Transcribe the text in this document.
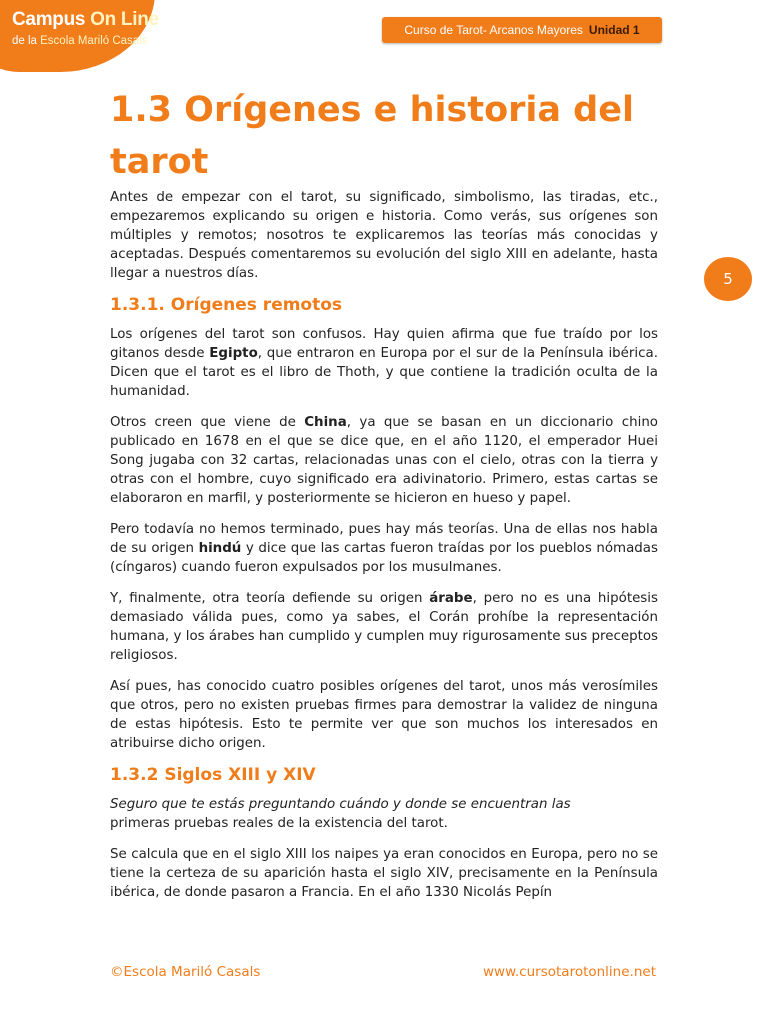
Campus On Line
de la Escola Mariló Casals
Curso de Tarot- Arcanos Mayores Unidad 1
5
1.3 Orígenes e historia del tarot

Antes de empezar con el tarot, su significado, simbolismo, las tiradas, etc., empezaremos explicando su origen e historia. Como verás, sus orígenes son múltiples y remotos; nosotros te explicaremos las teorías más conocidas y aceptadas. Después comentaremos su evolución del siglo XIII en adelante, hasta llegar a nuestros días.

1.3.1. Orígenes remotos

Los orígenes del tarot son confusos. Hay quien afirma que fue traído por los gitanos desde Egipto, que entraron en Europa por el sur de la Península ibérica. Dicen que el tarot es el libro de Thoth, y que contiene la tradición oculta de la humanidad.

Otros creen que viene de China, ya que se basan en un diccionario chino publicado en 1678 en el que se dice que, en el año 1120, el emperador Huei Song jugaba con 32 cartas, relacionadas unas con el cielo, otras con la tierra y otras con el hombre, cuyo significado era adivinatorio. Primero, estas cartas se elaboraron en marfil, y posteriormente se hicieron en hueso y papel.

Pero todavía no hemos terminado, pues hay más teorías. Una de ellas nos habla de su origen hindú y dice que las cartas fueron traídas por los pueblos nómadas (cíngaros) cuando fueron expulsados por los musulmanes.

Y, finalmente, otra teoría defiende su origen árabe, pero no es una hipótesis demasiado válida pues, como ya sabes, el Corán prohíbe la representación humana, y los árabes han cumplido y cumplen muy rigurosamente sus preceptos religiosos.

Así pues, has conocido cuatro posibles orígenes del tarot, unos más verosímiles que otros, pero no existen pruebas firmes para demostrar la validez de ninguna de estas hipótesis. Esto te permite ver que son muchos los interesados en atribuirse dicho origen.

1.3.2 Siglos XIII y XIV

Seguro que te estás preguntando cuándo y donde se encuentran las
primeras pruebas reales de la existencia del tarot.

Se calcula que en el siglo XIII los naipes ya eran conocidos en Europa, pero no se tiene la certeza de su aparición hasta el siglo XIV, precisamente en la Península ibérica, de donde pasaron a Francia. En el año 1330 Nicolás Pepín

©Escola Mariló Casals	www.cursotarotonline.net
